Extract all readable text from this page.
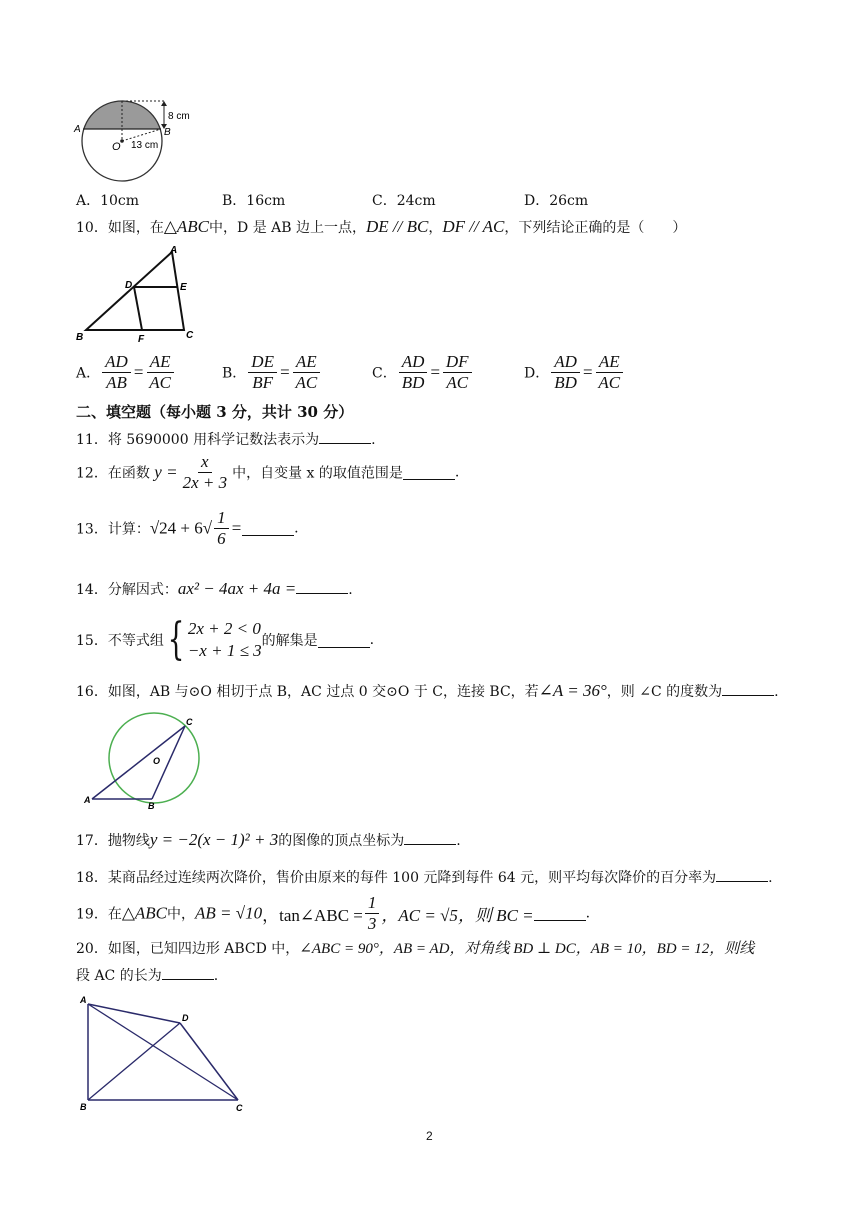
8 cm
13 cm
A	B
O
A．10cm	B．16cm	C．24cm	D．26cm
10．如图，在△ABC中，D 是 AB 边上一点，DE // BC，DF // AC，下列结论正确的是（　　）
A
B	C
D	E
F
A． $\frac{AD}{AB} = \frac{AE}{AC}$	B． $\frac{DE}{BF} = \frac{AE}{AC}$	C． $\frac{AD}{BD} = \frac{DF}{AC}$	D． $\frac{AD}{BD} = \frac{AE}{AC}$
二、填空题（每小题 3 分，共计 30 分）
11．将 5690000 用科学记数法表示为	.
12．在函数 $y = \frac{x}{2x + 3}$ 中，自变量 x 的取值范围是	.
13．计算：$√24 + 6√ \frac{1}{6}$ =	.
14．分解因式：ax² − 4ax + 4a =	.
15．不等式组{ 2x + 2 < 0
−x + 1 ≤ 3 的解集是	.
16．如图，AB 与⊙O 相切于点 B，AC 过点 0 交⊙O 于 C，连接 BC，若∠A = 36°，则 ∠C 的度数为	.
A
B
C
O
17．抛物线y = −2(x − 1)² + 3的图像的顶点坐标为	.
18．某商品经过连续两次降价，售价由原来的每件 100 元降到每件 64 元，则平均每次降价的百分率为	.
19．在△ABC中，AB = √10，tan∠ABC = $\frac{1}{3}$ ，AC = √5，则 BC =	.
20．如图，已知四边形 ABCD 中，∠ABC = 90°，AB = AD，对角线 BD ⊥ DC，AB = 10，BD = 12，则线
段 AC 的长为	.
A
B	C
D
2
